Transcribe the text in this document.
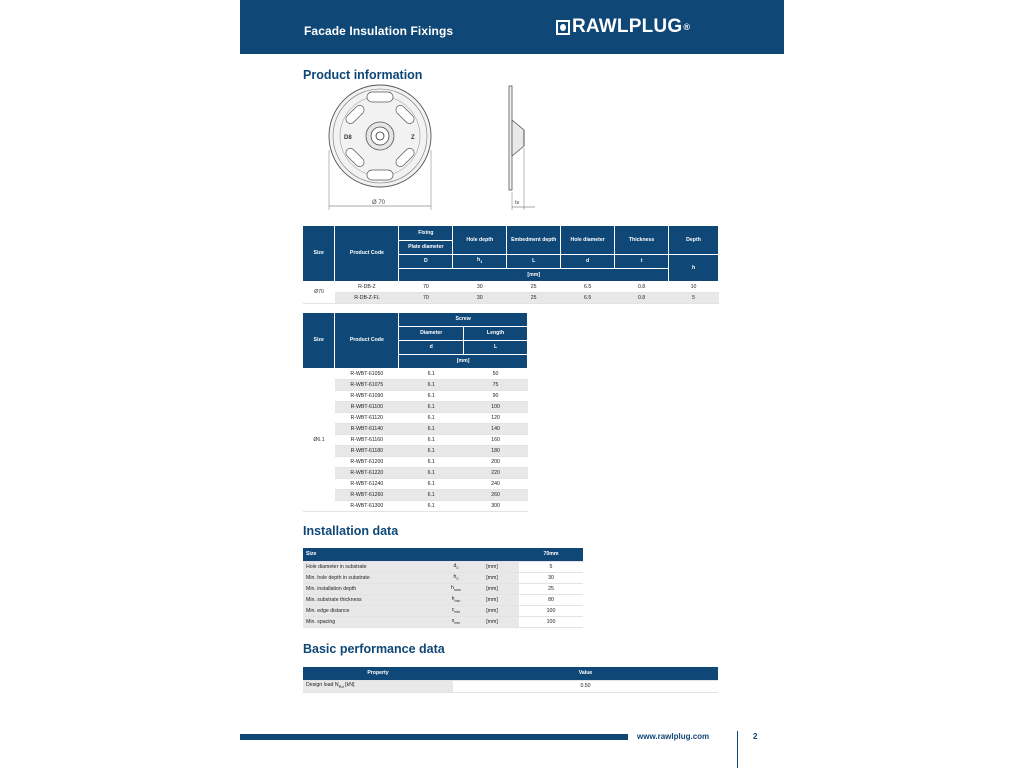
Facade Insulation Fixings	RAWLPLUG ®
Product information
D8	Z
Ø 70	ts
Size	Product Code	Fixing	Hole depth	Embedment depth	Hole diameter	Thickness	Depth
		Plate diameter					
		D	$h_1$	L	d	t	h
		[mm]					
Ø70	R-DB-Z	70	30	25	6.5	0.8	10
	R-DB-Z-FL	70	30	25	6.5	0.8	5
Size	Product Code	Screw	
		Diameter	Length
		d	L
		[mm]	
Ø6.1	R-WBT-61050	6.1	50
	R-WBT-61075	6.1	75
	R-WBT-61090	6.1	90
	R-WBT-61100	6.1	100
	R-WBT-61120	6.1	120
	R-WBT-61140	6.1	140
	R-WBT-61160	6.1	160
	R-WBT-61180	6.1	180
	R-WBT-61200	6.1	200
	R-WBT-61220	6.1	220
	R-WBT-61240	6.1	240
	R-WBT-61260	6.1	260
	R-WBT-61300	6.1	300
Installation data
Size				70mm
Hole diameter in substrate	$d_0$	[mm]		5
Min. hole depth in substrate	$h_0$	[mm]		30
Min. installation depth	$h_{nom}$	[mm]		25
Min. substrate thickness	$h_{min}$	[mm]		80
Min. edge distance	$c_{min}$	[mm]		100
Min. spacing	$s_{min}$	[mm]		100
Basic performance data
Property	Value
Design load $N_{Rd}$ [kN]	0.50
www.rawlplug.com	2
